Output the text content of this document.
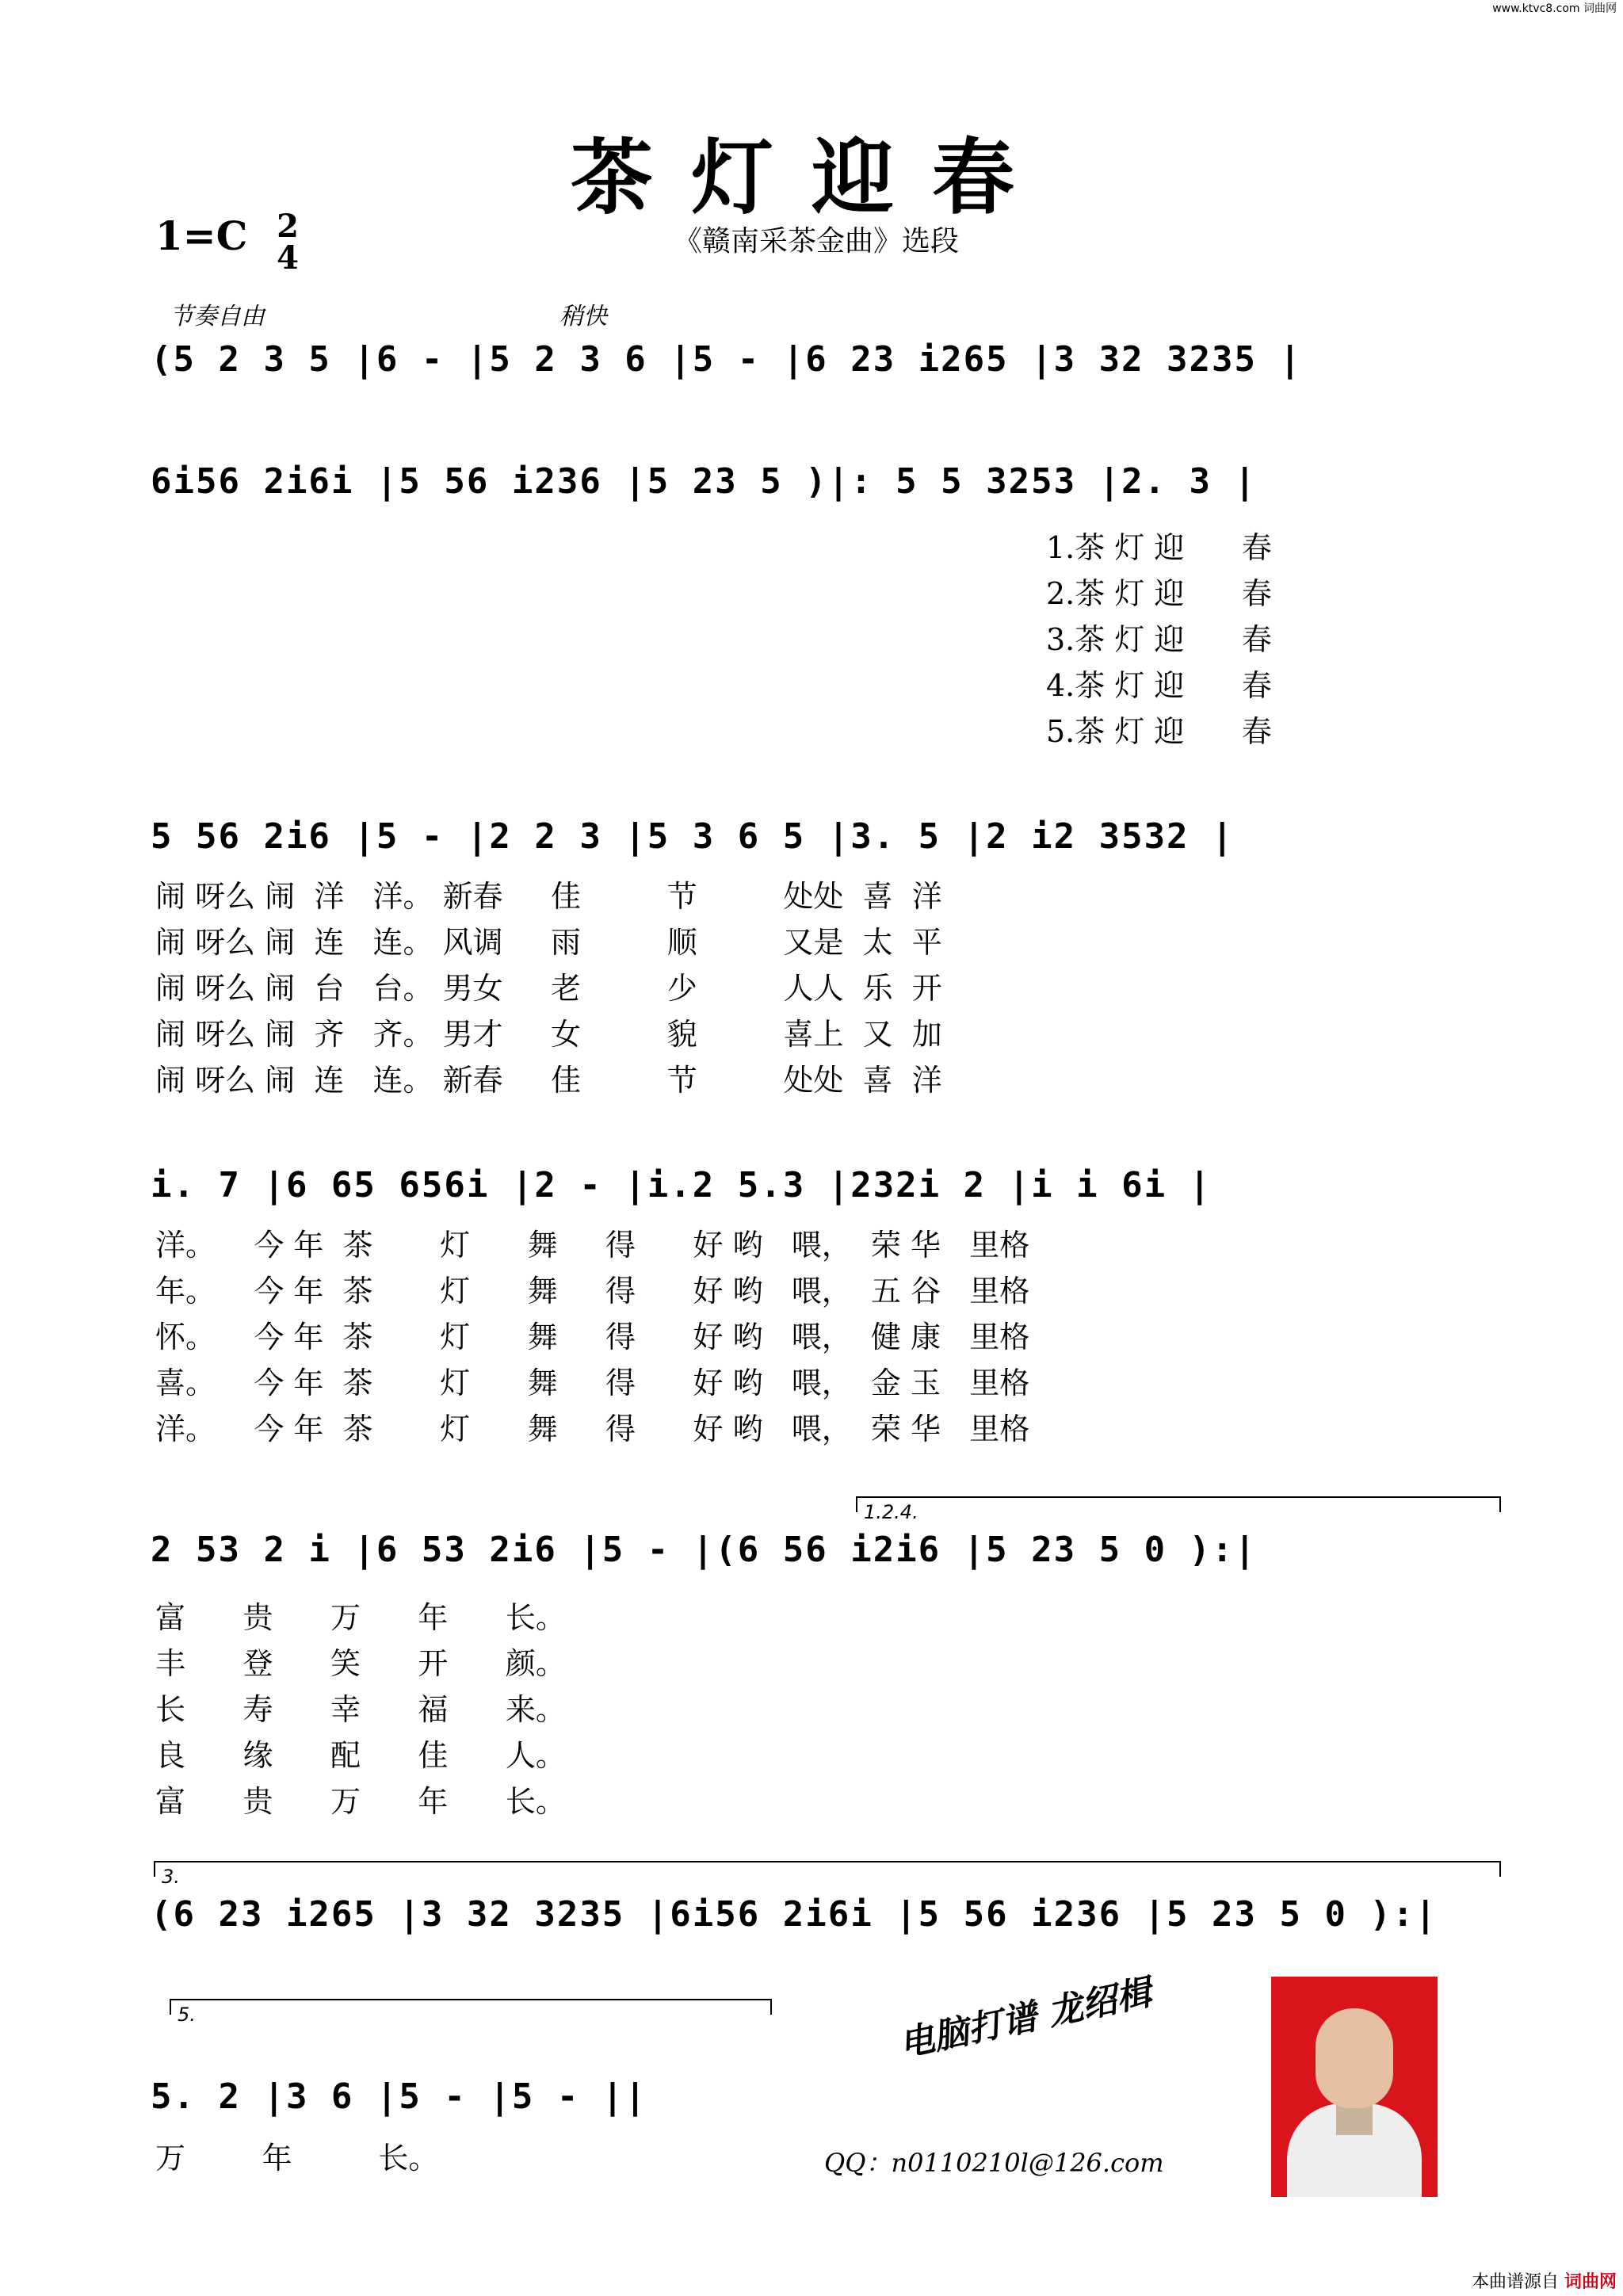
www.ktvc8.com 词曲网
茶灯迎春
1=C 2
4	《赣南采茶金曲》选段
节奏自由	稍快
(5 2 3 5 |6 - |5 2 3 6 |5 - |6 23 i265 |3 32 3235 |
6i56 2i6i |5 56 i236 |5 23 5 )|: 5 5 3253 |2. 3 |
1.茶 灯 迎      春
2.茶 灯 迎      春
3.茶 灯 迎      春
4.茶 灯 迎      春
5.茶 灯 迎      春
5 56 2i6 |5 - |2 2 3 |5 3 6 5 |3. 5 |2 i2 3532 |
闹 呀么 闹  洋   洋。 新春     佳         节         处处  喜  洋
闹 呀么 闹  连   连。 风调     雨         顺         又是  太  平
闹 呀么 闹  台   台。 男女     老         少         人人  乐  开
闹 呀么 闹  齐   齐。 男才     女         貌         喜上  又  加
闹 呀么 闹  连   连。 新春     佳         节         处处  喜  洋
i. 7 |6 65 656i |2 - |i.2 5.3 |232i 2 |i i 6i |
洋。    今 年  茶       灯      舞     得      好 哟   喂，  荣 华   里格
年。    今 年  茶       灯      舞     得      好 哟   喂，  五 谷   里格
怀。    今 年  茶       灯      舞     得      好 哟   喂，  健 康   里格
喜。    今 年  茶       灯      舞     得      好 哟   喂，  金 玉   里格
洋。    今 年  茶       灯      舞     得      好 哟   喂，  荣 华   里格
1.2.4.
2 53 2 i |6 53 2i6 |5 - |(6 56 i2i6 |5 23 5 0 ):|
富      贵      万      年      长。
丰      登      笑      开      颜。
长      寿      幸      福      来。
良      缘      配      佳      人。
富      贵      万      年      长。
3.
(6 23 i265 |3 32 3235 |6i56 2i6i |5 56 i236 |5 23 5 0 ):|
5.
5. 2 |3 6 |5 - |5 - ||
万        年         长。
电脑打谱 龙绍楫
QQ：n0110210l@126.com
本曲谱源自 词曲网
